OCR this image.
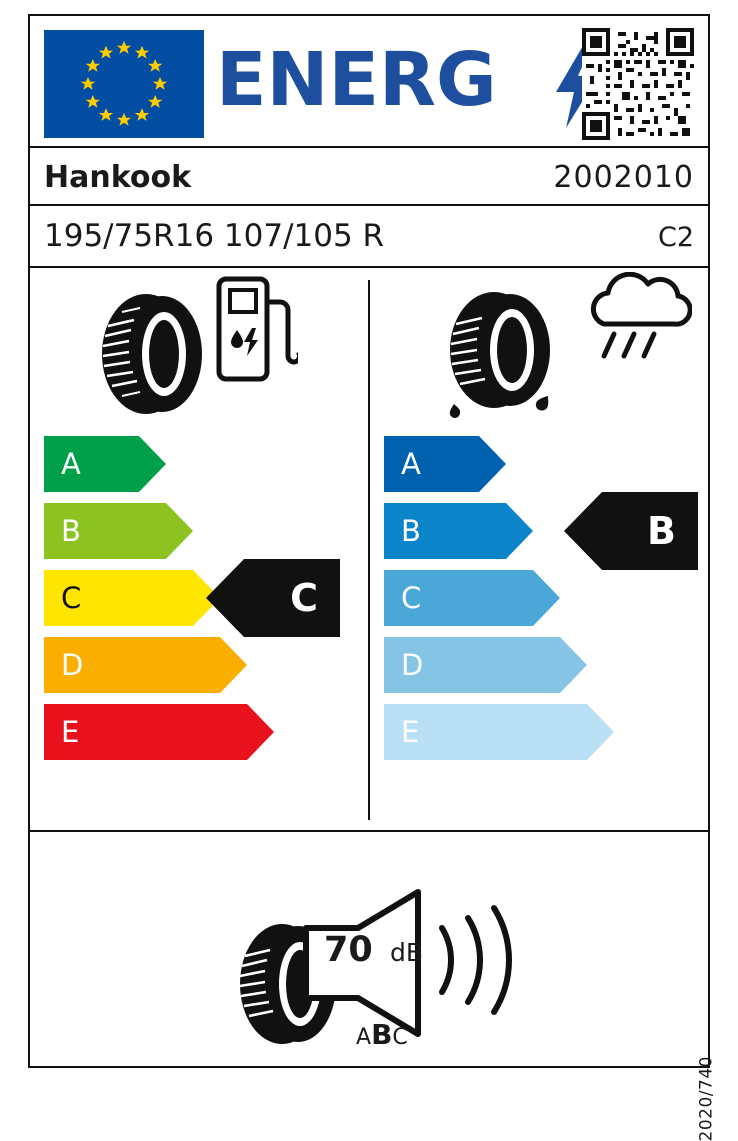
ENERG
Hankook	2002010
195/75R16 107/105 R	C2
A
B
C	C
D
E
A
B	B
C
D
E
70 dB
ABC
2020/740
